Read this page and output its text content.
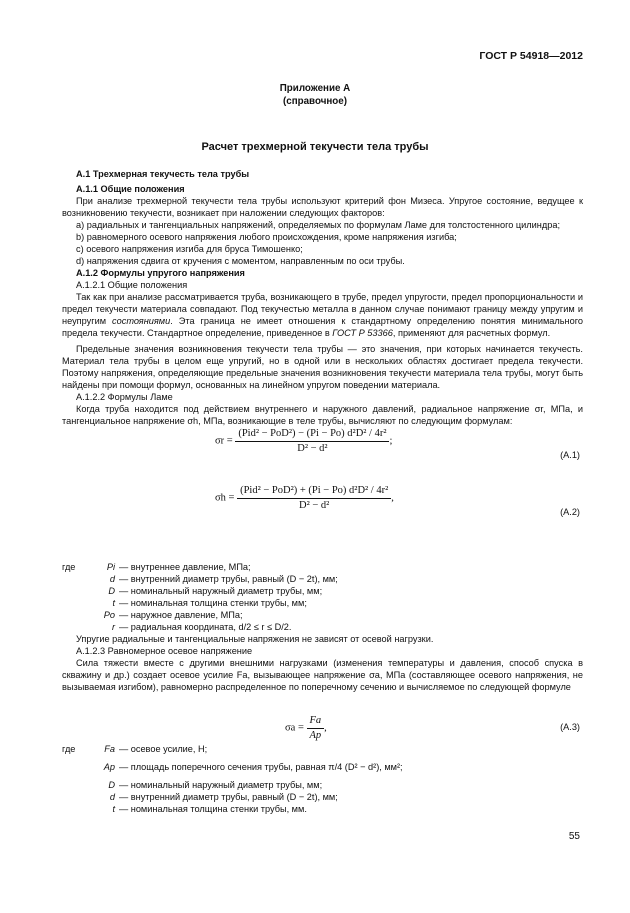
ГОСТ Р 54918—2012
Приложение А
(справочное)
Расчет трехмерной текучести тела трубы

А.1 Трехмерная текучесть тела трубы

А.1.1 Общие положения

При анализе трехмерной текучести тела трубы используют критерий фон Мизеса. Упругое состояние, ведущее к возникновению текучести, возникает при наложении следующих факторов:

a) радиальных и тангенциальных напряжений, определяемых по формулам Ламе для толстостенного цилиндра;

b) равномерного осевого напряжения любого происхождения, кроме напряжения изгиба;

c) осевого напряжения изгиба для бруса Тимошенко;

d) напряжения сдвига от кручения с моментом, направленным по оси трубы.

А.1.2 Формулы упругого напряжения

А.1.2.1 Общие положения

Так как при анализе рассматривается труба, возникающего в трубе, предел упругости, предел пропорциональности и предел текучести материала совпадают. Под текучестью металла в данном случае понимают границу между упругим и неупругим состояниями. Эта граница не имеет отношения к стандартному определению понятия минимального предела текучести. Стандартное определение, приведенное в ГОСТ Р 53366, применяют для расчетных формул.

Предельные значения возникновения текучести тела трубы — это значения, при которых начинается текучесть. Материал тела трубы в целом еще упругий, но в одной или в нескольких областях достигает предела текучести. Поэтому напряжения, определяющие предельные значения возникновения текучести материала тела трубы, могут быть найдены при помощи формул, основанных на линейном упругом поведении материала.

А.1.2.2 Формулы Ламе

Когда труба находится под действием внутреннего и наружного давлений, радиальное напряжение σr, МПа, и тангенциальное напряжение σh, МПа, возникающие в теле трубы, вычисляют по следующим формулам:

$\sigma r = \frac{\text{(Pid² − PoD²) − (Pi − Po) d²D² / 4r²}}{\text{D² − d²}}$ ;
(А.1)
$\sigma h = \frac{\text{(Pid² − PoD²) + (Pi − Po) d²D² / 4r²}}{\text{D² − d²}}$ ,
(А.2)
где	Pi — внутреннее давление, МПа;
d — внутренний диаметр трубы, равный (D − 2t), мм;
D — номинальный наружный диаметр трубы, мм;
t — номинальная толщина стенки трубы, мм;
Po — наружное давление, МПа;
r — радиальная координата, d/2 ≤ r ≤ D/2.

Упругие радиальные и тангенциальные напряжения не зависят от осевой нагрузки.

А.1.2.3 Равномерное осевое напряжение

Сила тяжести вместе с другими внешними нагрузками (изменения температуры и давления, способ спуска в скважину и др.) создает осевое усилие Fa, вызывающее напряжение σa, МПа (составляющее осевого напряжения, не вызываемая изгибом), равномерно распределенное по поперечному сечению и вычисляемое по следующей формуле

$\sigma a = \frac{Fa}{Ap}$ ,	(А.3)
где	Fa — осевое усилие, Н;
Ap — площадь поперечного сечения трубы, равная π/4 (D² − d²), мм²;
D — номинальный наружный диаметр трубы, мм;
d — внутренний диаметр трубы, равный (D − 2t), мм;
t — номинальная толщина стенки трубы, мм.
55
